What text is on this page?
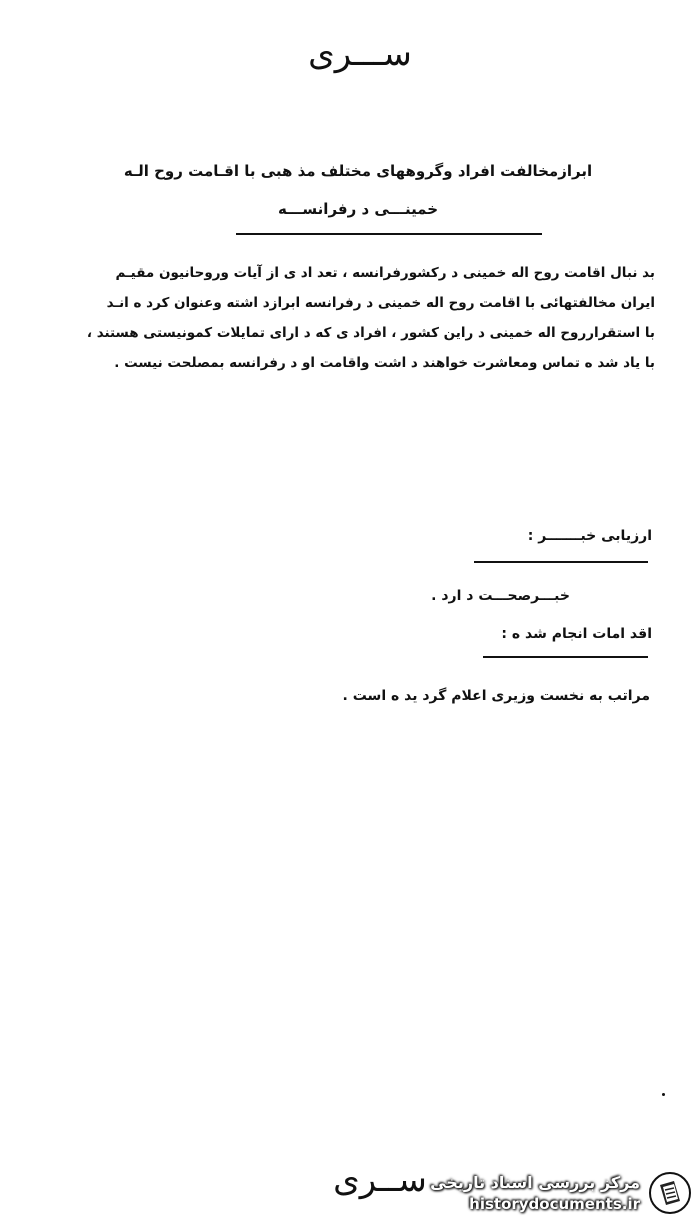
ســـری
ابرازمخالفت افراد وگروههای مختلف مذ هبی با اقـامت روح الـه
خمینـــی د رفرانســـه
بد نبال اقامت روح اله خمینی د رکشورفرانسه ، تعد اد ی از آیات وروحانیون مقیـم
ایران مخالفتهائی با اقامت روح اله خمینی د رفرانسه ابرازد اشته وعنوان کرد ه انـد
با استقرارروح اله خمینی د راین کشور ، افراد ی که د ارای تمایلات کمونیستی هستند ،
با یاد شد ه تماس ومعاشرت خواهند د اشت واقامت او د رفرانسه بمصلحت نیست .
ارزیابی خبـــــــر :
خبـــرصحـــت د ارد .
اقد امات انجام شد ه :
مراتب به نخست وزیری اعلام گرد ید ه است .
ســری مرکز بررسی اسناد تاریخی
historydocuments.ir
